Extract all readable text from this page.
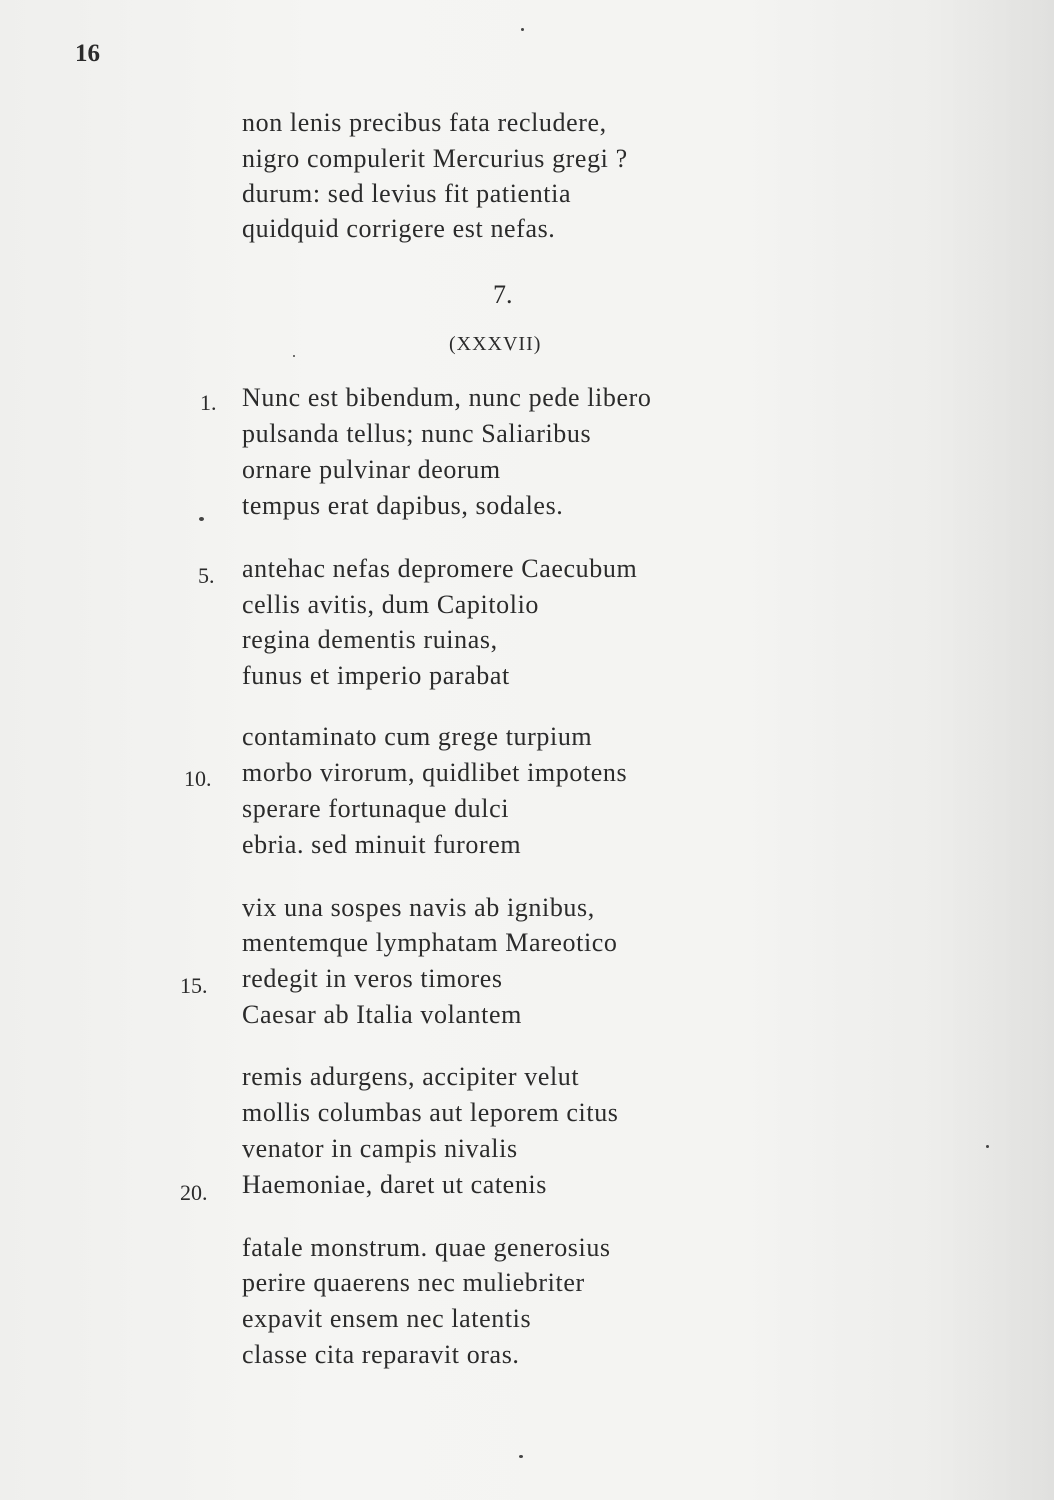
16
non lenis precibus fata recludere,
nigro compulerit Mercurius gregi ?
durum: sed levius fit patientia
quidquid corrigere est nefas.
7.
(XXXVII)
1. Nunc est bibendum, nunc pede libero
pulsanda tellus; nunc Saliaribus
ornare pulvinar deorum
tempus erat dapibus, sodales.
5. antehac nefas depromere Caecubum
cellis avitis, dum Capitolio
regina dementis ruinas,
funus et imperio parabat
contaminato cum grege turpium
10. morbo virorum, quidlibet impotens
sperare fortunaque dulci
ebria. sed minuit furorem
vix una sospes navis ab ignibus,
mentemque lymphatam Mareotico
15. redegit in veros timores
Caesar ab Italia volantem
remis adurgens, accipiter velut
mollis columbas aut leporem citus
venator in campis nivalis
20. Haemoniae, daret ut catenis
fatale monstrum. quae generosius
perire quaerens nec muliebriter
expavit ensem nec latentis
classe cita reparavit oras.
